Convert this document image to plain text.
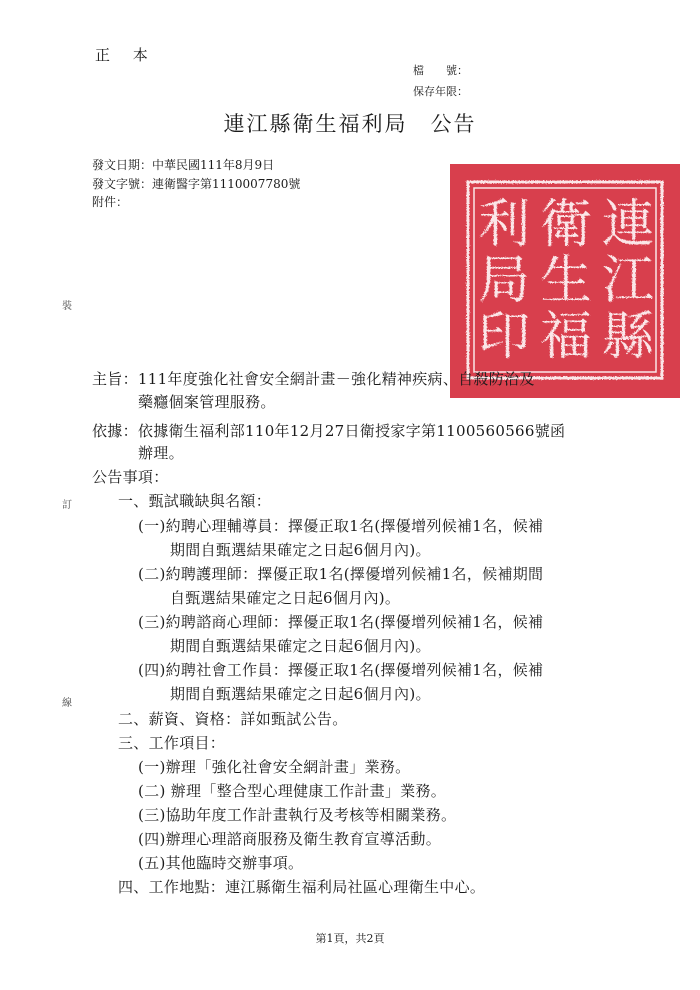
正 本
檔　　號：
保存年限：
連江縣衛生福利局　公告
發文日期：中華民國111年8月9日
發文字號：連衛醫字第1110007780號
附件：
裝
訂
線
連
江
縣
衛
生
福
利
局
印
主旨：111年度強化社會安全網計畫－強化精神疾病、自殺防治及
藥癮個案管理服務。
依據：依據衛生福利部110年12月27日衛授家字第1100560566號函
辦理。
公告事項：
一、甄試職缺與名額：
(一)約聘心理輔導員：擇優正取1名(擇優增列候補1名，候補
期間自甄選結果確定之日起6個月內)。
(二)約聘護理師：擇優正取1名(擇優增列候補1名，候補期間
自甄選結果確定之日起6個月內)。
(三)約聘諮商心理師：擇優正取1名(擇優增列候補1名，候補
期間自甄選結果確定之日起6個月內)。
(四)約聘社會工作員：擇優正取1名(擇優增列候補1名，候補
期間自甄選結果確定之日起6個月內)。
二、薪資、資格：詳如甄試公告。
三、工作項目：
(一)辦理「強化社會安全網計畫」業務。
(二) 辦理「整合型心理健康工作計畫」業務。
(三)協助年度工作計畫執行及考核等相關業務。
(四)辦理心理諮商服務及衛生教育宣導活動。
(五)其他臨時交辦事項。
四、工作地點：連江縣衛生福利局社區心理衛生中心。
第1頁，共2頁
